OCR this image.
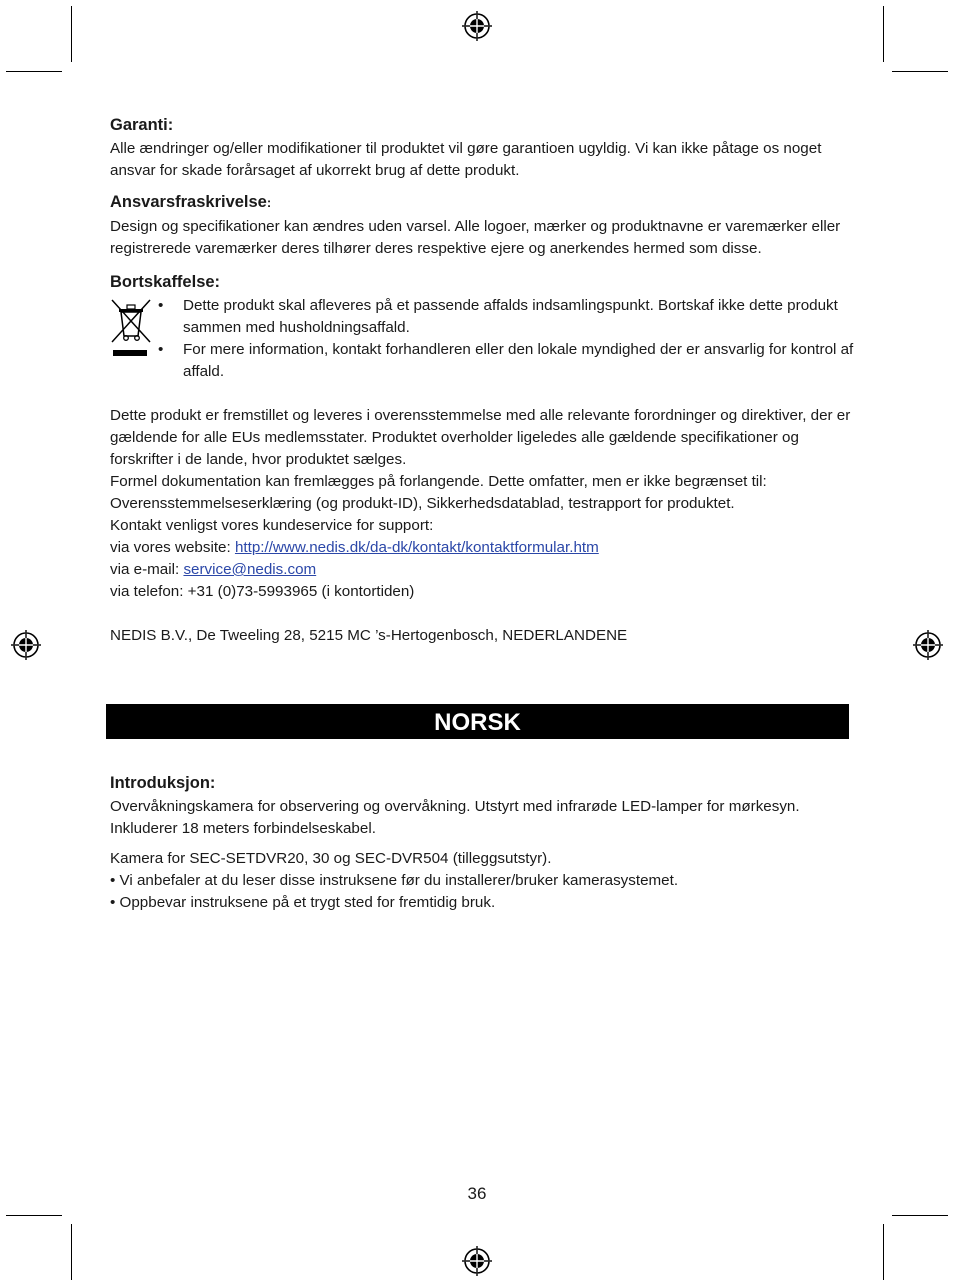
Garanti:

Alle ændringer og/eller modifikationer til produktet vil gøre garantioen ugyldig. Vi kan ikke påtage os noget ansvar for skade forårsaget af ukorrekt brug af dette produkt.

Ansvarsfraskrivelse:

Design og specifikationer kan ændres uden varsel. Alle logoer, mærker og produktnavne er varemærker eller registrerede varemærker deres tilhører deres respektive ejere og anerkendes hermed som disse.

Bortskaffelse:
• Dette produkt skal afleveres på et passende affalds indsamlingspunkt. Bortskaf ikke dette produkt sammen med husholdningsaffald.
• For mere information, kontakt forhandleren eller den lokale myndighed der er ansvarlig for kontrol af affald.

Dette produkt er fremstillet og leveres i overensstemmelse med alle relevante forordninger og direktiver, der er gældende for alle EUs medlemsstater. Produktet overholder ligeledes alle gældende specifikationer og forskrifter i de lande, hvor produktet sælges.

Formel dokumentation kan fremlægges på forlangende. Dette omfatter, men er ikke begrænset til: Overensstemmelseserklæring (og produkt-ID), Sikkerhedsdatablad, testrapport for produktet.

Kontakt venligst vores kundeservice for support:

via vores website: http://www.nedis.dk/da-dk/kontakt/kontaktformular.htm

via e-mail: service@nedis.com

via telefon: +31 (0)73-5993965 (i kontortiden)

NEDIS B.V., De Tweeling 28, 5215 MC ’s-Hertogenbosch, NEDERLANDENE

NORSK
Introduksjon:

Overvåkningskamera for observering og overvåkning. Utstyrt med infrarøde LED-lamper for mørkesyn. Inkluderer 18 meters forbindelseskabel.

Kamera for SEC-SETDVR20, 30 og SEC-DVR504 (tilleggsutstyr).

• Vi anbefaler at du leser disse instruksene før du installerer/bruker kamerasystemet.

• Oppbevar instruksene på et trygt sted for fremtidig bruk.

36
